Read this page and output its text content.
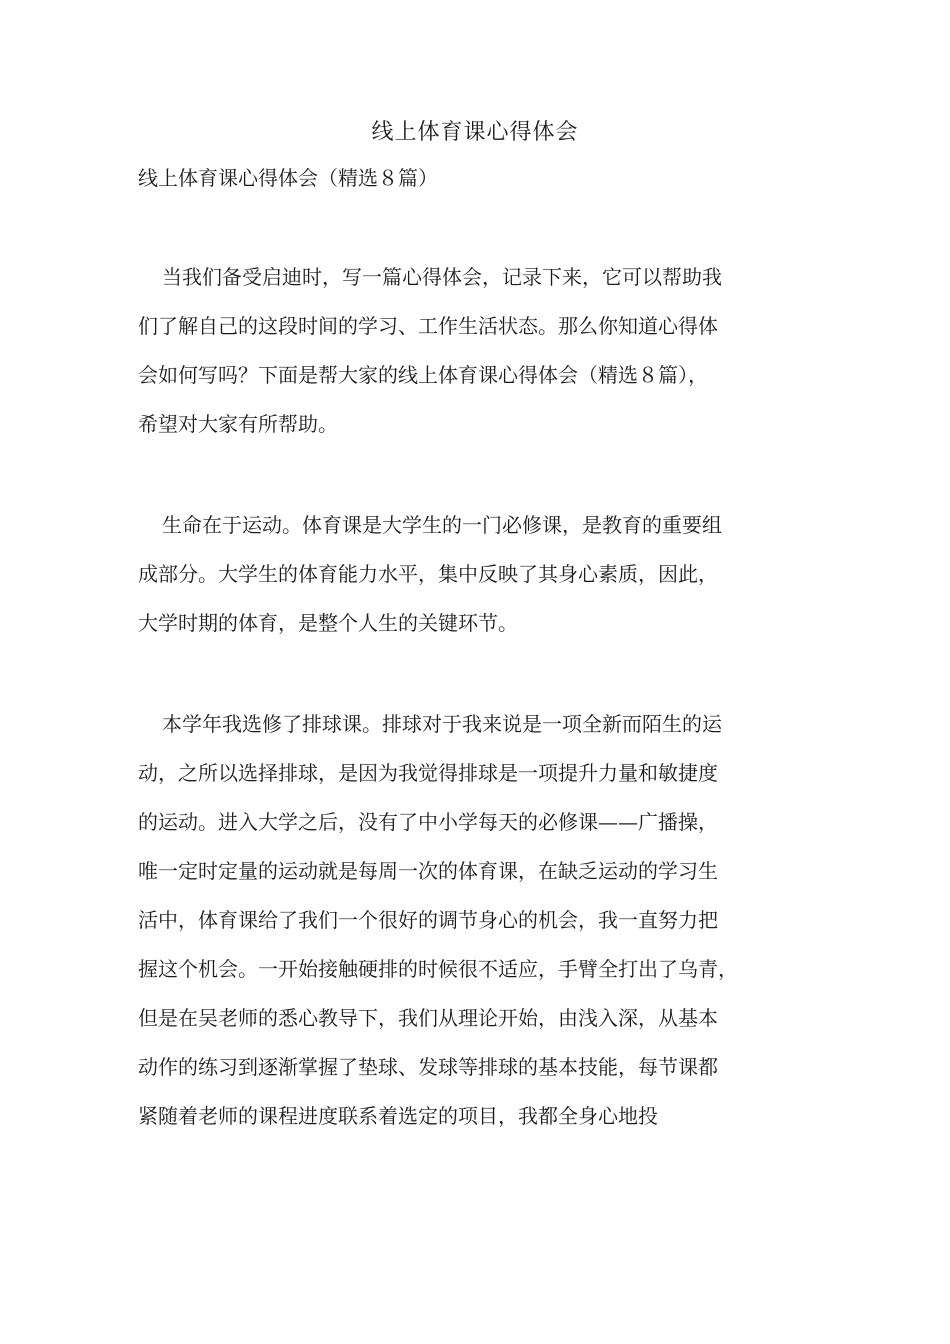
线上体育课心得体会
线上体育课心得体会（精选８篇）
当我们备受启迪时，写一篇心得体会，记录下来，它可以帮助我
们了解自己的这段时间的学习、工作生活状态。那么你知道心得体
会如何写吗？下面是帮大家的线上体育课心得体会（精选８篇），
希望对大家有所帮助。
生命在于运动。体育课是大学生的一门必修课，是教育的重要组
成部分。大学生的体育能力水平，集中反映了其身心素质，因此，
大学时期的体育，是整个人生的关键环节。
本学年我选修了排球课。排球对于我来说是一项全新而陌生的运
动，之所以选择排球，是因为我觉得排球是一项提升力量和敏捷度
的运动。进入大学之后，没有了中小学每天的必修课——广播操，
唯一定时定量的运动就是每周一次的体育课，在缺乏运动的学习生
活中，体育课给了我们一个很好的调节身心的机会，我一直努力把
握这个机会。一开始接触硬排的时候很不适应，手臂全打出了乌青，
但是在吴老师的悉心教导下，我们从理论开始，由浅入深，从基本
动作的练习到逐渐掌握了垫球、发球等排球的基本技能，每节课都
紧随着老师的课程进度联系着选定的项目，我都全身心地投
